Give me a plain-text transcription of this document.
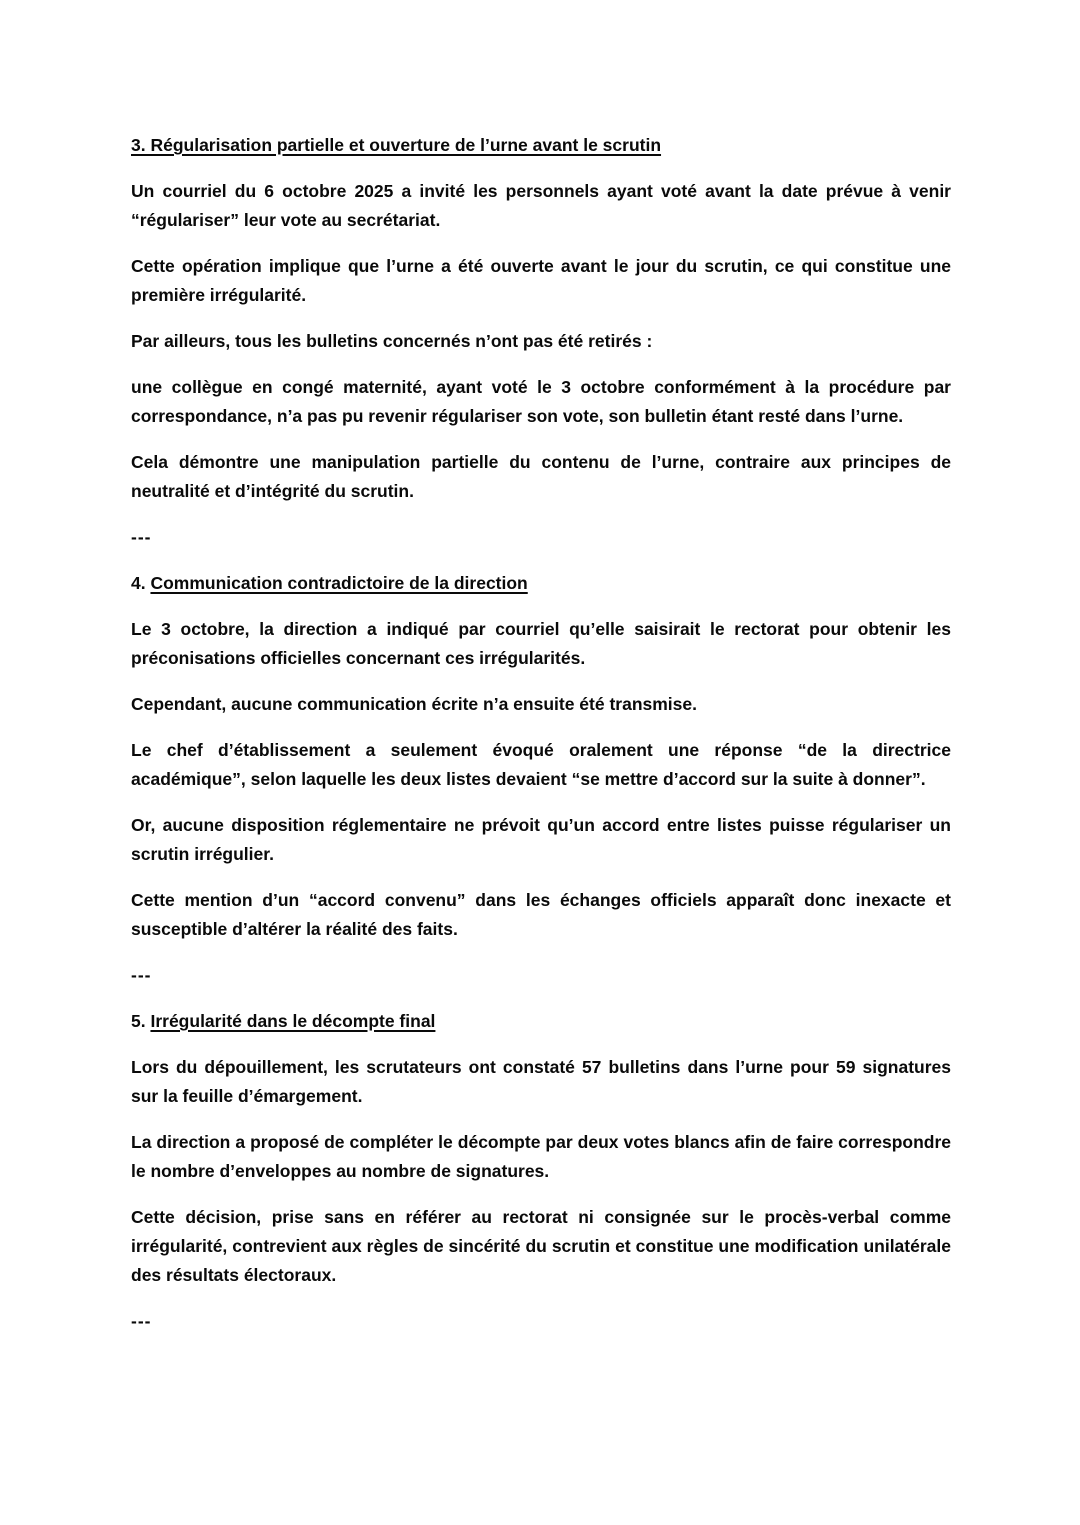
3. Régularisation partielle et ouverture de l’urne avant le scrutin
Un courriel du 6 octobre 2025 a invité les personnels ayant voté avant la date prévue à venir “régulariser” leur vote au secrétariat.
Cette opération implique que l’urne a été ouverte avant le jour du scrutin, ce qui constitue une première irrégularité.
Par ailleurs, tous les bulletins concernés n’ont pas été retirés :
une collègue en congé maternité, ayant voté le 3 octobre conformément à la procédure par correspondance, n’a pas pu revenir régulariser son vote, son bulletin étant resté dans l’urne.
Cela démontre une manipulation partielle du contenu de l’urne, contraire aux principes de neutralité et d’intégrité du scrutin.
---
4. Communication contradictoire de la direction
Le 3 octobre, la direction a indiqué par courriel qu’elle saisirait le rectorat pour obtenir les préconisations officielles concernant ces irrégularités.
Cependant, aucune communication écrite n’a ensuite été transmise.
Le chef d’établissement a seulement évoqué oralement une réponse “de la directrice académique”, selon laquelle les deux listes devaient “se mettre d’accord sur la suite à donner”.
Or, aucune disposition réglementaire ne prévoit qu’un accord entre listes puisse régulariser un scrutin irrégulier.
Cette mention d’un “accord convenu” dans les échanges officiels apparaît donc inexacte et susceptible d’altérer la réalité des faits.
---
5. Irrégularité dans le décompte final
Lors du dépouillement, les scrutateurs ont constaté 57 bulletins dans l’urne pour 59 signatures sur la feuille d’émargement.
La direction a proposé de compléter le décompte par deux votes blancs afin de faire correspondre le nombre d’enveloppes au nombre de signatures.
Cette décision, prise sans en référer au rectorat ni consignée sur le procès-verbal comme irrégularité, contrevient aux règles de sincérité du scrutin et constitue une modification unilatérale des résultats électoraux.
---
